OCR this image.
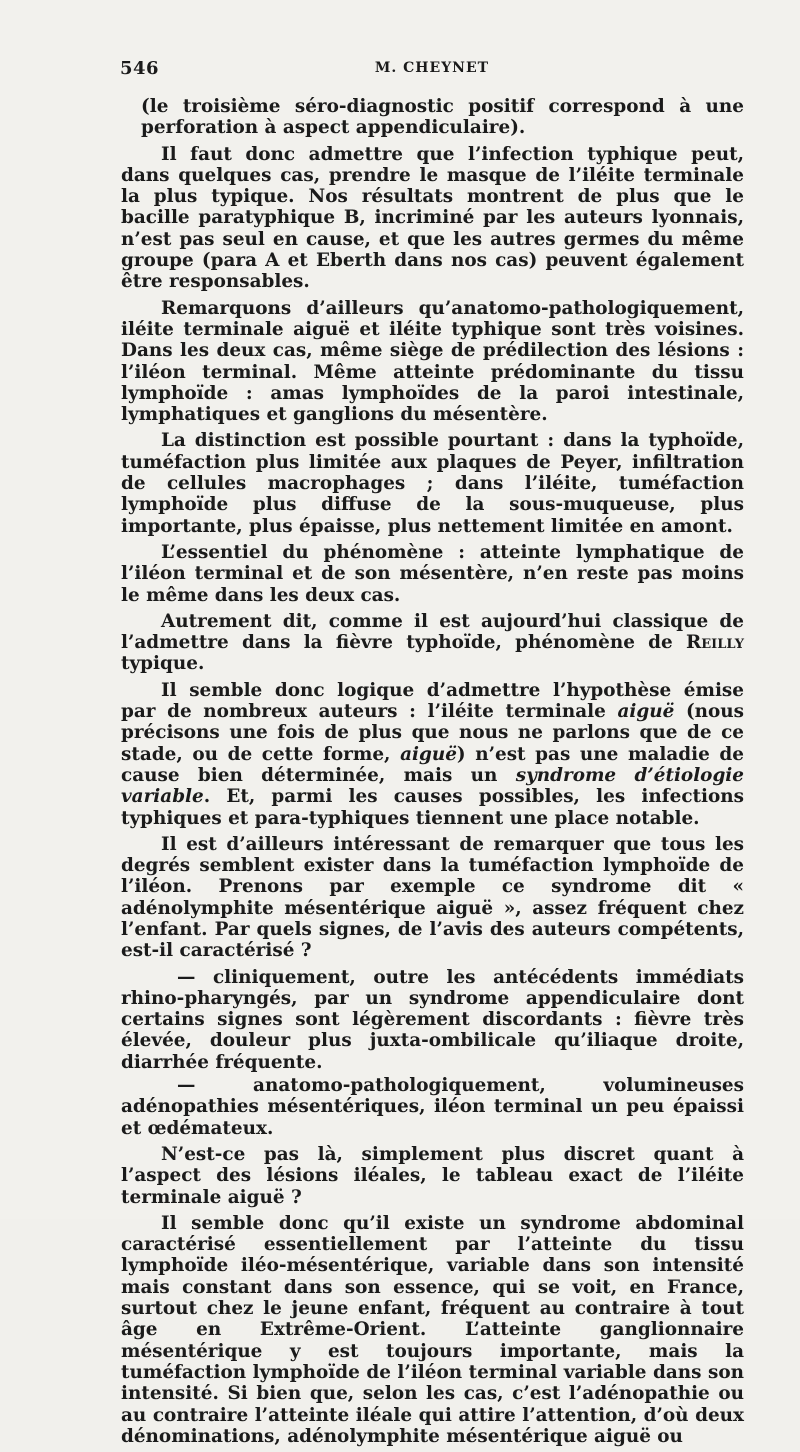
546	M. CHEYNET

(le troisième séro-diagnostic positif correspond à une perforation à aspect appendiculaire).

Il faut donc admettre que l’infection typhique peut, dans quelques cas, prendre le masque de l’iléite terminale la plus typique. Nos résultats montrent de plus que le bacille paratyphique B, incriminé par les auteurs lyonnais, n’est pas seul en cause, et que les autres germes du même groupe (para A et Eberth dans nos cas) peuvent également être responsables.

Remarquons d’ailleurs qu’anatomo-pathologiquement, iléite terminale aiguë et iléite typhique sont très voisines. Dans les deux cas, même siège de prédilection des lésions : l’iléon terminal. Même atteinte prédominante du tissu lymphoïde : amas lymphoïdes de la paroi intestinale, lymphatiques et ganglions du mésentère.

La distinction est possible pourtant : dans la typhoïde, tuméfaction plus limitée aux plaques de Peyer, infiltration de cellules macrophages ; dans l’iléite, tuméfaction lymphoïde plus diffuse de la sous-muqueuse, plus importante, plus épaisse, plus nettement limitée en amont.

L’essentiel du phénomène : atteinte lymphatique de l’iléon terminal et de son mésentère, n’en reste pas moins le même dans les deux cas.

Autrement dit, comme il est aujourd’hui classique de l’admettre dans la fièvre typhoïde, phénomène de Reilly typique.

Il semble donc logique d’admettre l’hypothèse émise par de nombreux auteurs : l’iléite terminale aiguë (nous précisons une fois de plus que nous ne parlons que de ce stade, ou de cette forme, aiguë) n’est pas une maladie de cause bien déterminée, mais un syndrome d’étiologie variable. Et, parmi les causes possibles, les infections typhiques et para-typhiques tiennent une place notable.

Il est d’ailleurs intéressant de remarquer que tous les degrés semblent exister dans la tuméfaction lymphoïde de l’iléon. Prenons par exemple ce syndrome dit « adénolymphite mésentérique aiguë », assez fréquent chez l’enfant. Par quels signes, de l’avis des auteurs compétents, est-il caractérisé ?

— cliniquement, outre les antécédents immédiats rhino-pharyngés, par un syndrome appendiculaire dont certains signes sont légèrement discordants : fièvre très élevée, douleur plus juxta-ombilicale qu’iliaque droite, diarrhée fréquente.

— anatomo-pathologiquement, volumineuses adénopathies mésentériques, iléon terminal un peu épaissi et œdémateux.

N’est-ce pas là, simplement plus discret quant à l’aspect des lésions iléales, le tableau exact de l’iléite terminale aiguë ?

Il semble donc qu’il existe un syndrome abdominal caractérisé essentiellement par l’atteinte du tissu lymphoïde iléo-mésentérique, variable dans son intensité mais constant dans son essence, qui se voit, en France, surtout chez le jeune enfant, fréquent au contraire à tout âge en Extrême-Orient. L’atteinte ganglionnaire mésentérique y est toujours importante, mais la tuméfaction lymphoïde de l’iléon terminal variable dans son intensité. Si bien que, selon les cas, c’est l’adénopathie ou au contraire l’atteinte iléale qui attire l’attention, d’où deux dénominations, adénolymphite mésentérique aiguë ou
